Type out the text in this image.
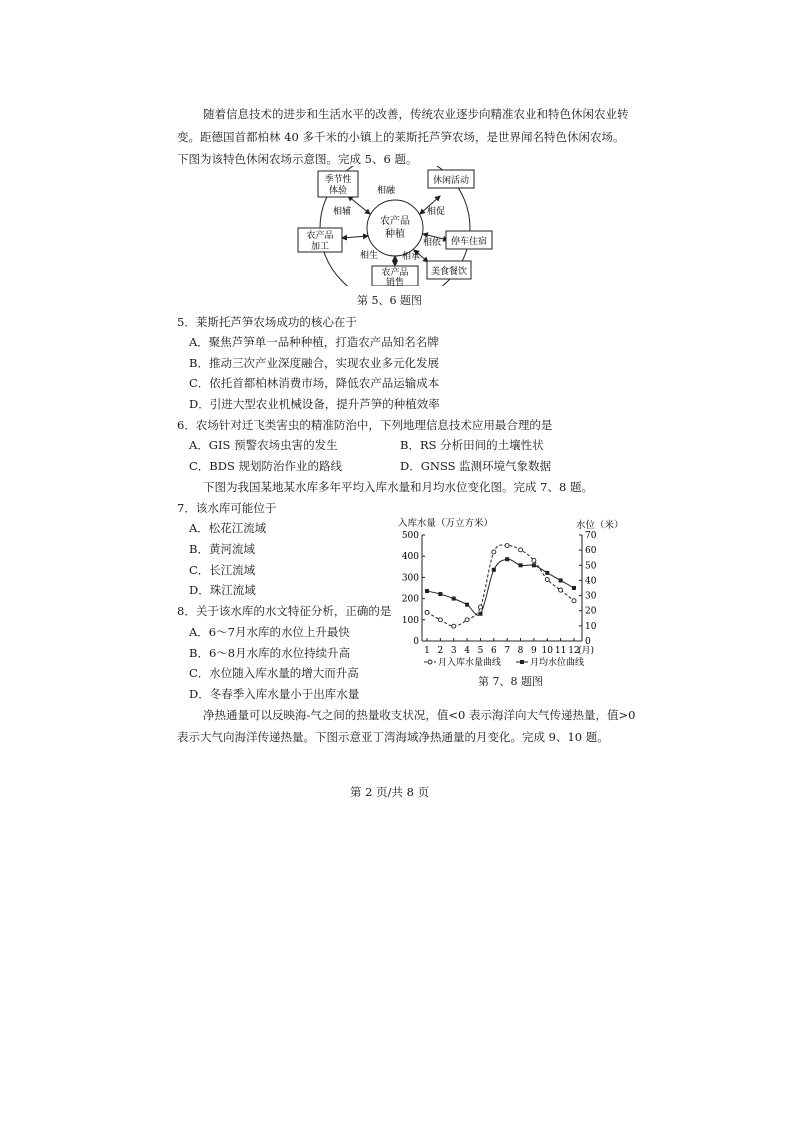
随着信息技术的进步和生活水平的改善，传统农业逐步向精准农业和特色休闲农业转
变。距德国首都柏林 40 多千米的小镇上的莱斯托芦笋农场，是世界闻名特色休闲农场。
下图为该特色休闲农场示意图。完成 5、6 题。
农产品
种植
季节性
体验
休闲活动
农产品
加工	停车住宿
农产品
销售
美食餐饮
相融
相促
相辅
相依
相生	相承
第 5、6 题图
5．莱斯托芦笋农场成功的核心在于
A．聚焦芦笋单一品种种植，打造农产品知名名牌
B．推动三次产业深度融合，实现农业多元化发展
C．依托首都柏林消费市场，降低农产品运输成本
D．引进大型农业机械设备，提升芦笋的种植效率
6．农场针对迁飞类害虫的精准防治中，下列地理信息技术应用最合理的是
A．GIS 预警农场虫害的发生	B．RS 分析田间的土壤性状
C．BDS 规划防治作业的路线	D．GNSS 监测环境气象数据
下图为我国某地某水库多年平均入库水量和月均水位变化图。完成 7、8 题。
7．该水库可能位于
A．松花江流域
B．黄河流域
C．长江流域
D．珠江流域
8．关于该水库的水文特征分析，正确的是
A．6～7月水库的水位上升最快
B．6～8月水库的水位持续升高
C．水位随入库水量的增大而升高
D．冬春季入库水量小于出库水量
入库水量（万立方米）	水位（米）
0
100
200
300
400
500
0
10
20
30
40
50
60
70
1 2 3 4 5 6 7 8 9 10 11 12
(月)
月入库水量曲线	月均水位曲线
第 7、8 题图
净热通量可以反映海-气之间的热量收支状况，值<0 表示海洋向大气传递热量，值>0
表示大气向海洋传递热量。下图示意亚丁湾海域净热通量的月变化。完成 9、10 题。
第 2 页/共 8 页
